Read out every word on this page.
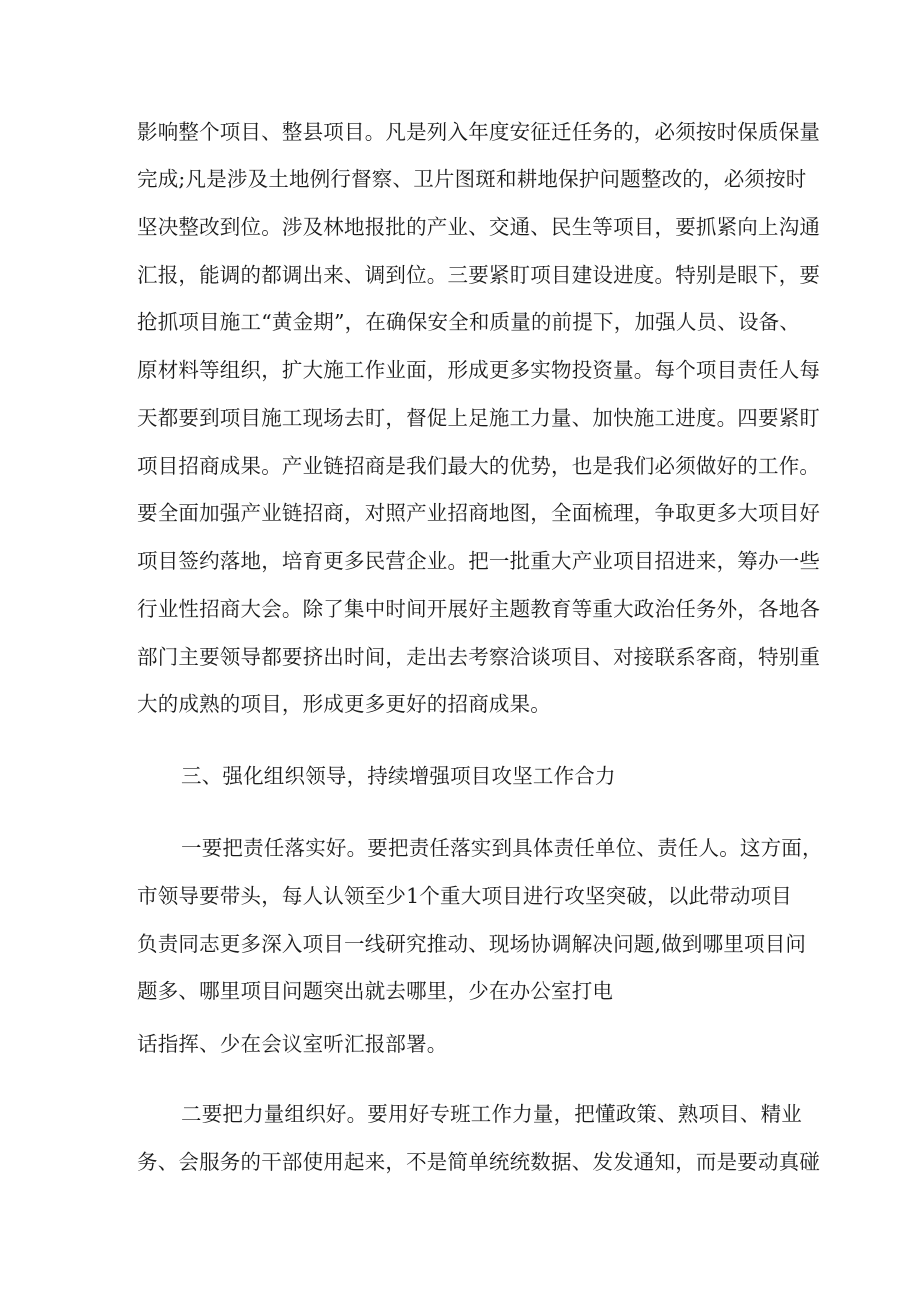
影响整个项目、整县项目。凡是列入年度安征迁任务的，必须按时保质保量
完成;凡是涉及土地例行督察、卫片图斑和耕地保护问题整改的，必须按时
坚决整改到位。涉及林地报批的产业、交通、民生等项目，要抓紧向上沟通
汇报，能调的都调出来、调到位。三要紧盯项目建设进度。特别是眼下，要
抢抓项目施工“黄金期”，在确保安全和质量的前提下，加强人员、设备、
原材料等组织，扩大施工作业面，形成更多实物投资量。每个项目责任人每
天都要到项目施工现场去盯，督促上足施工力量、加快施工进度。四要紧盯
项目招商成果。产业链招商是我们最大的优势，也是我们必须做好的工作。
要全面加强产业链招商，对照产业招商地图，全面梳理，争取更多大项目好
项目签约落地，培育更多民营企业。把一批重大产业项目招进来，筹办一些
行业性招商大会。除了集中时间开展好主题教育等重大政治任务外，各地各
部门主要领导都要挤出时间，走出去考察洽谈项目、对接联系客商，特别重
大的成熟的项目，形成更多更好的招商成果。
三、强化组织领导，持续增强项目攻坚工作合力
一要把责任落实好。要把责任落实到具体责任单位、责任人。这方面，
市领导要带头，每人认领至少1个重大项目进行攻坚突破，以此带动项目
负责同志更多深入项目一线研究推动、现场协调解决问题,做到哪里项目问
题多、哪里项目问题突出就去哪里，少在办公室打电
话指挥、少在会议室听汇报部署。
二要把力量组织好。要用好专班工作力量，把懂政策、熟项目、精业
务、会服务的干部使用起来，不是简单统统数据、发发通知，而是要动真碰
